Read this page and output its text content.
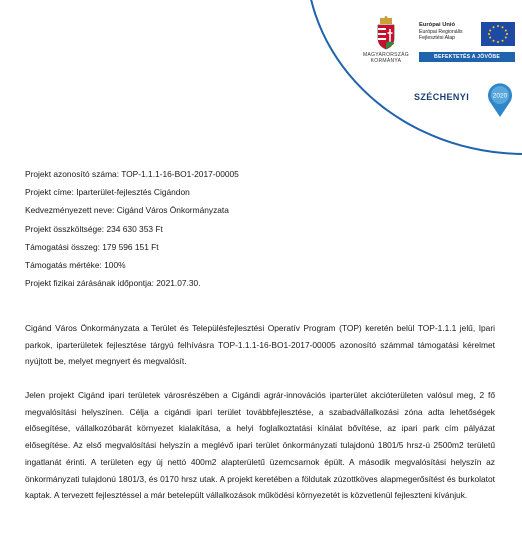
MAGYARORSZÁG
KORMÁNYA
Európai Unió
Európai Regionális
Fejlesztési Alap
BEFEKTETÉS A JÖVŐBE
SZÉCHENYI	2020
Projekt azonosító száma: TOP-1.1.1-16-BO1-2017-00005
Projekt címe: Iparterület-fejlesztés Cigándon
Kedvezményezett neve: Cigánd Város Önkormányzata
Projekt összköltsége: 234 630 353 Ft
Támogatási összeg: 179 596 151 Ft
Támogatás mértéke: 100%
Projekt fizikai zárásának időpontja: 2021.07.30.

Cigánd Város Önkormányzata a Terület és Településfejlesztési Operatív Program (TOP) keretén belül TOP-1.1.1 jelű, Ipari parkok, iparterületek fejlesztése tárgyú felhívásra TOP-1.1.1-16-BO1-2017-00005 azonosító számmal támogatási kérelmet nyújtott be, melyet megnyert és megvalósít.

Jelen projekt Cigánd ipari területek városrészében a Cigándi agrár-innovációs iparterület akcióterületen valósul meg, 2 fő megvalósítási helyszínen. Célja a cigándi ipari terület továbbfejlesztése, a szabadvállalkozási zóna adta lehetőségek elősegítése, vállalkozóbarát környezet kialakítása, a helyi foglalkoztatási kínálat bővítése, az ipari park cím pályázat elősegítése. Az első megvalósítási helyszín a meglévő ipari terület önkormányzati tulajdonú 1801/5 hrsz-ú 2500m2 területű ingatlanát érinti. A területen egy új nettó 400m2 alapterületű üzemcsarnok épült. A második megvalósítási helyszín az önkormányzati tulajdonú 1801/3, és 0170 hrsz utak. A projekt keretében a földutak zúzottköves alapmegerősítést és burkolatot kaptak. A tervezett fejlesztéssel a már betelepült vállalkozások működési környezetét is közvetlenül fejleszteni kívánjuk.
